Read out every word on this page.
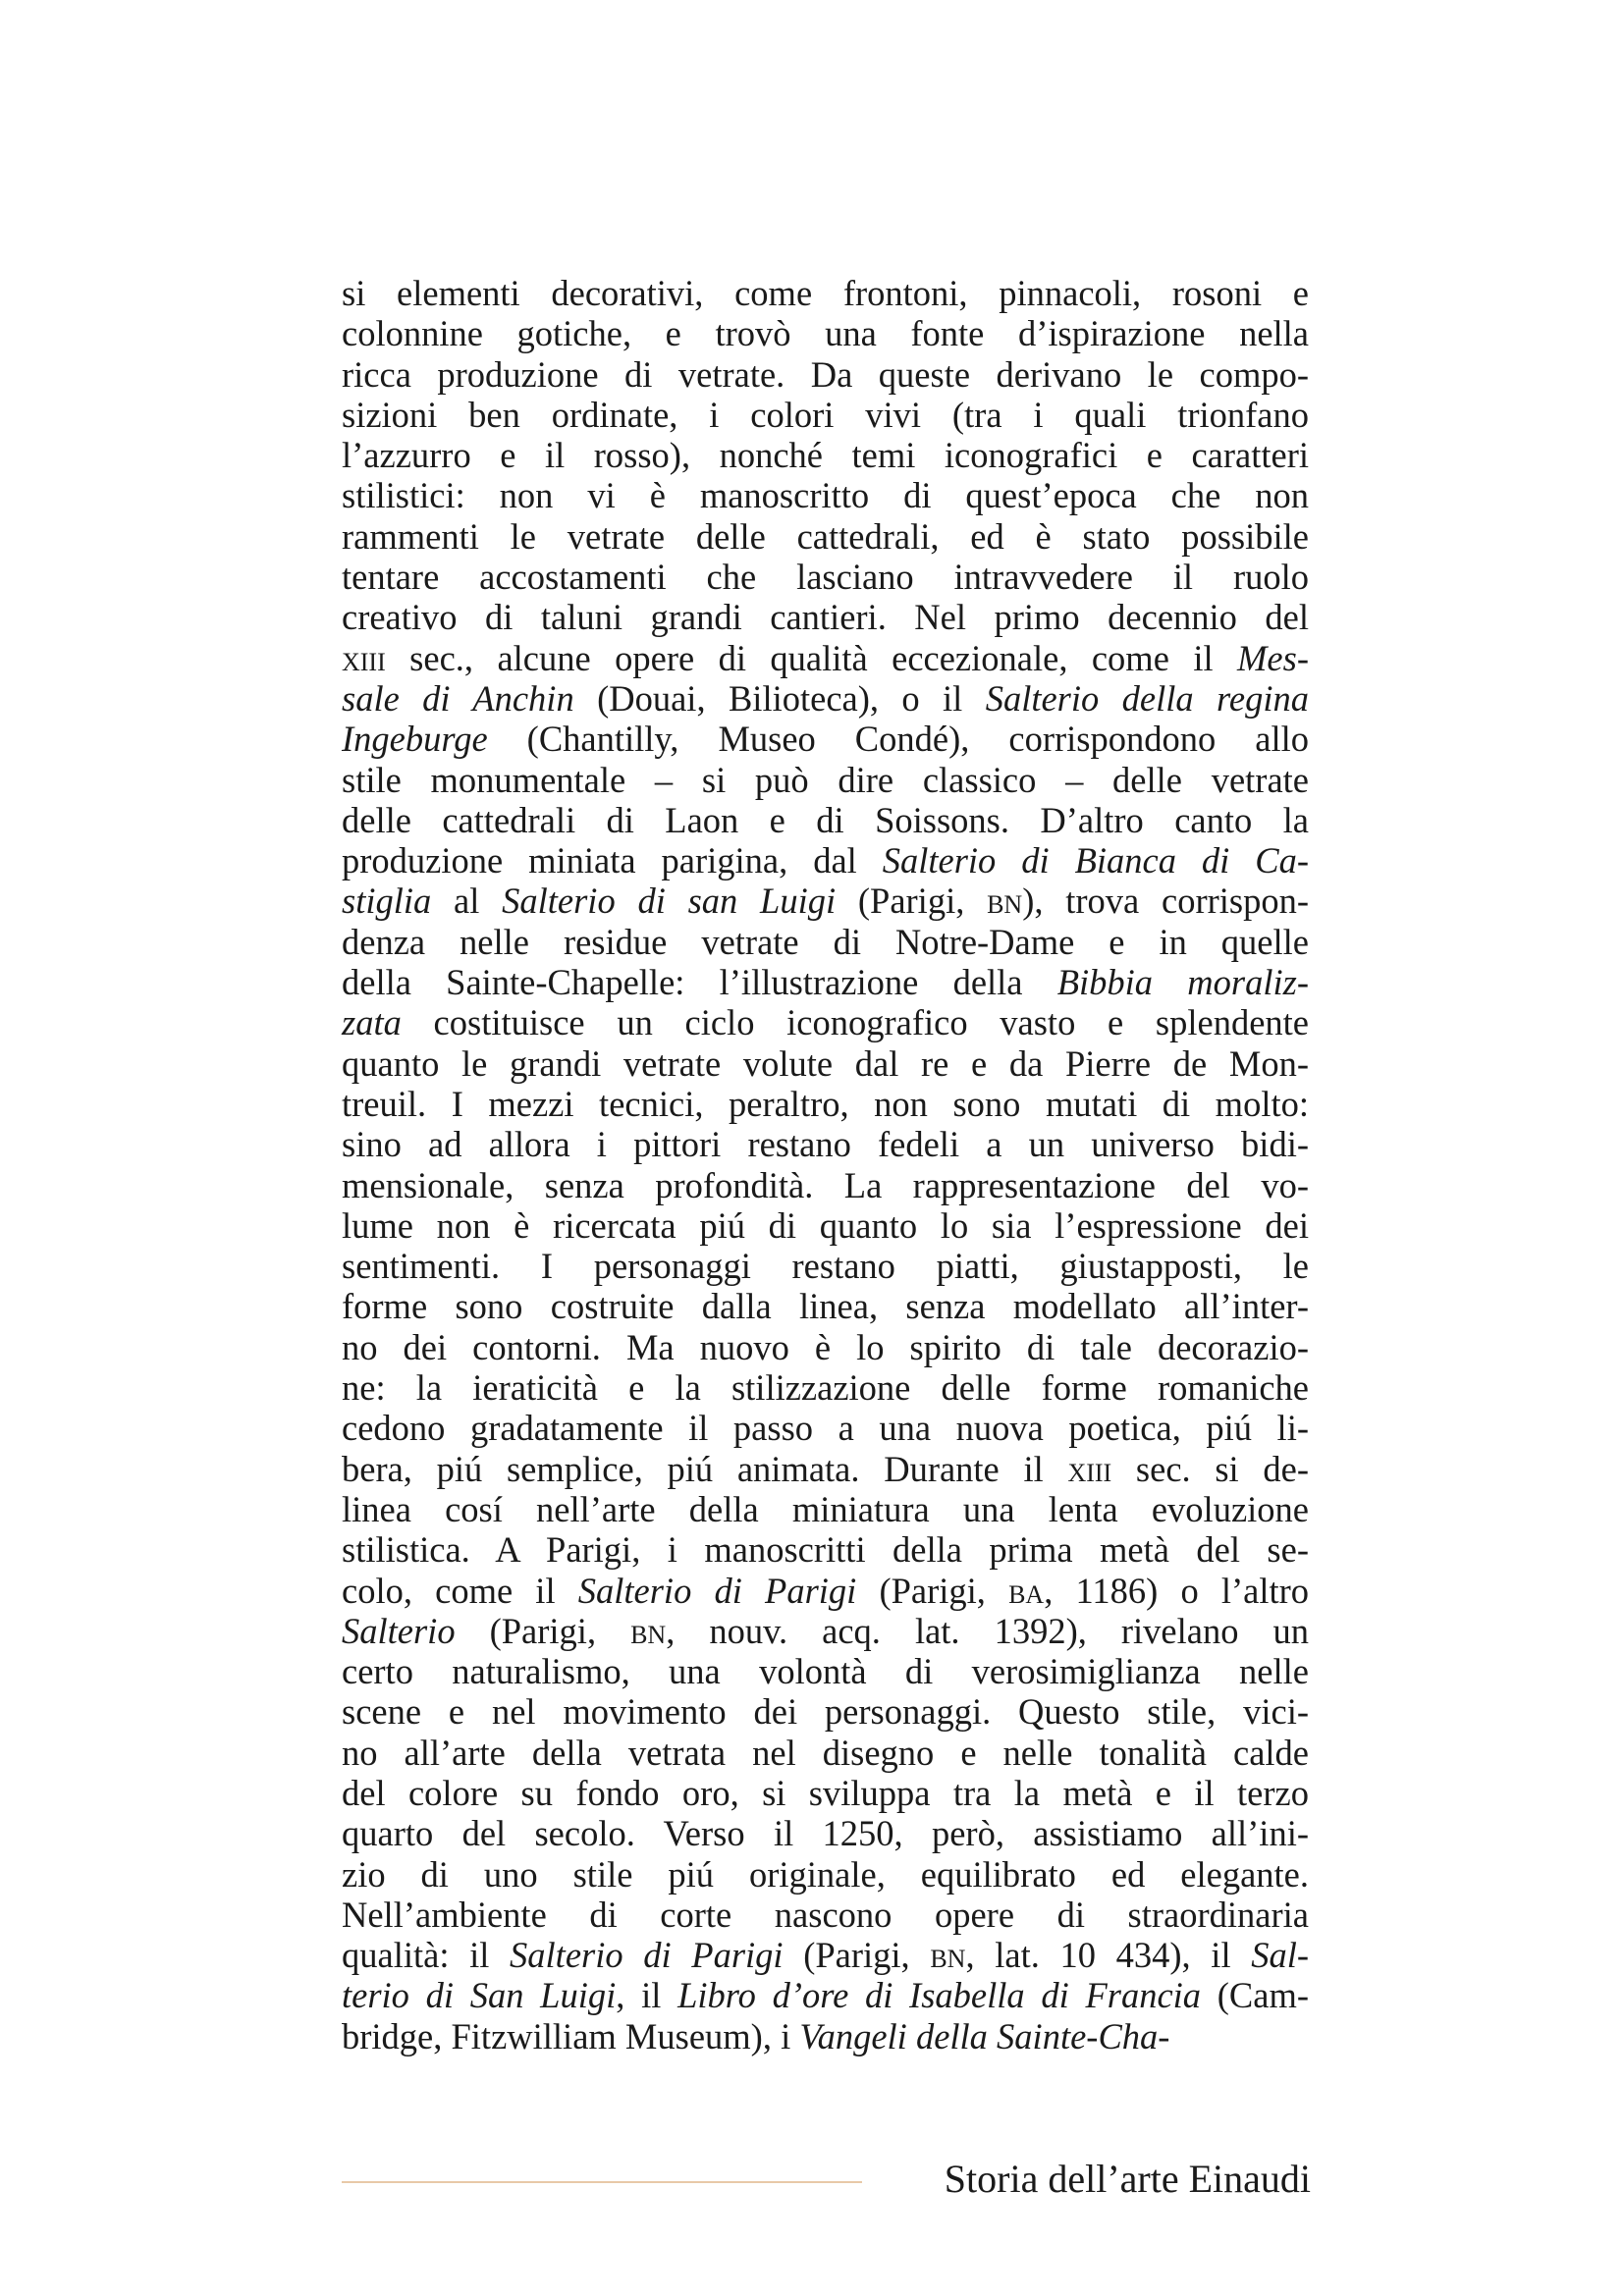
si elementi decorativi, come frontoni, pinnacoli, rosoni e
colonnine gotiche, e trovò una fonte d’ispirazione nella
ricca produzione di vetrate. Da queste derivano le compo-
sizioni ben ordinate, i colori vivi (tra i quali trionfano
l’azzurro e il rosso), nonché temi iconografici e caratteri
stilistici: non vi è manoscritto di quest’epoca che non
rammenti le vetrate delle cattedrali, ed è stato possibile
tentare accostamenti che lasciano intravvedere il ruolo
creativo di taluni grandi cantieri. Nel primo decennio del
xiii sec., alcune opere di qualità eccezionale, come il Mes-
sale di Anchin (Douai, Bilioteca), o il Salterio della regina
Ingeburge (Chantilly, Museo Condé), corrispondono allo
stile monumentale – si può dire classico – delle vetrate
delle cattedrali di Laon e di Soissons. D’altro canto la
produzione miniata parigina, dal Salterio di Bianca di Ca-
stiglia al Salterio di san Luigi (Parigi, bn), trova corrispon-
denza nelle residue vetrate di Notre-Dame e in quelle
della Sainte-Chapelle: l’illustrazione della Bibbia moraliz-
zata costituisce un ciclo iconografico vasto e splendente
quanto le grandi vetrate volute dal re e da Pierre de Mon-
treuil. I mezzi tecnici, peraltro, non sono mutati di molto:
sino ad allora i pittori restano fedeli a un universo bidi-
mensionale, senza profondità. La rappresentazione del vo-
lume non è ricercata piú di quanto lo sia l’espressione dei
sentimenti. I personaggi restano piatti, giustapposti, le
forme sono costruite dalla linea, senza modellato all’inter-
no dei contorni. Ma nuovo è lo spirito di tale decorazio-
ne: la ieraticità e la stilizzazione delle forme romaniche
cedono gradatamente il passo a una nuova poetica, piú li-
bera, piú semplice, piú animata. Durante il xiii sec. si de-
linea cosí nell’arte della miniatura una lenta evoluzione
stilistica. A Parigi, i manoscritti della prima metà del se-
colo, come il Salterio di Parigi (Parigi, ba, 1186) o l’altro
Salterio (Parigi, bn, nouv. acq. lat. 1392), rivelano un
certo naturalismo, una volontà di verosimiglianza nelle
scene e nel movimento dei personaggi. Questo stile, vici-
no all’arte della vetrata nel disegno e nelle tonalità calde
del colore su fondo oro, si sviluppa tra la metà e il terzo
quarto del secolo. Verso il 1250, però, assistiamo all’ini-
zio di uno stile piú originale, equilibrato ed elegante.
Nell’ambiente di corte nascono opere di straordinaria
qualità: il Salterio di Parigi (Parigi, bn, lat. 10 434), il Sal-
terio di San Luigi, il Libro d’ore di Isabella di Francia (Cam-
bridge, Fitzwilliam Museum), i Vangeli della Sainte-Cha-
Storia dell’arte Einaudi
